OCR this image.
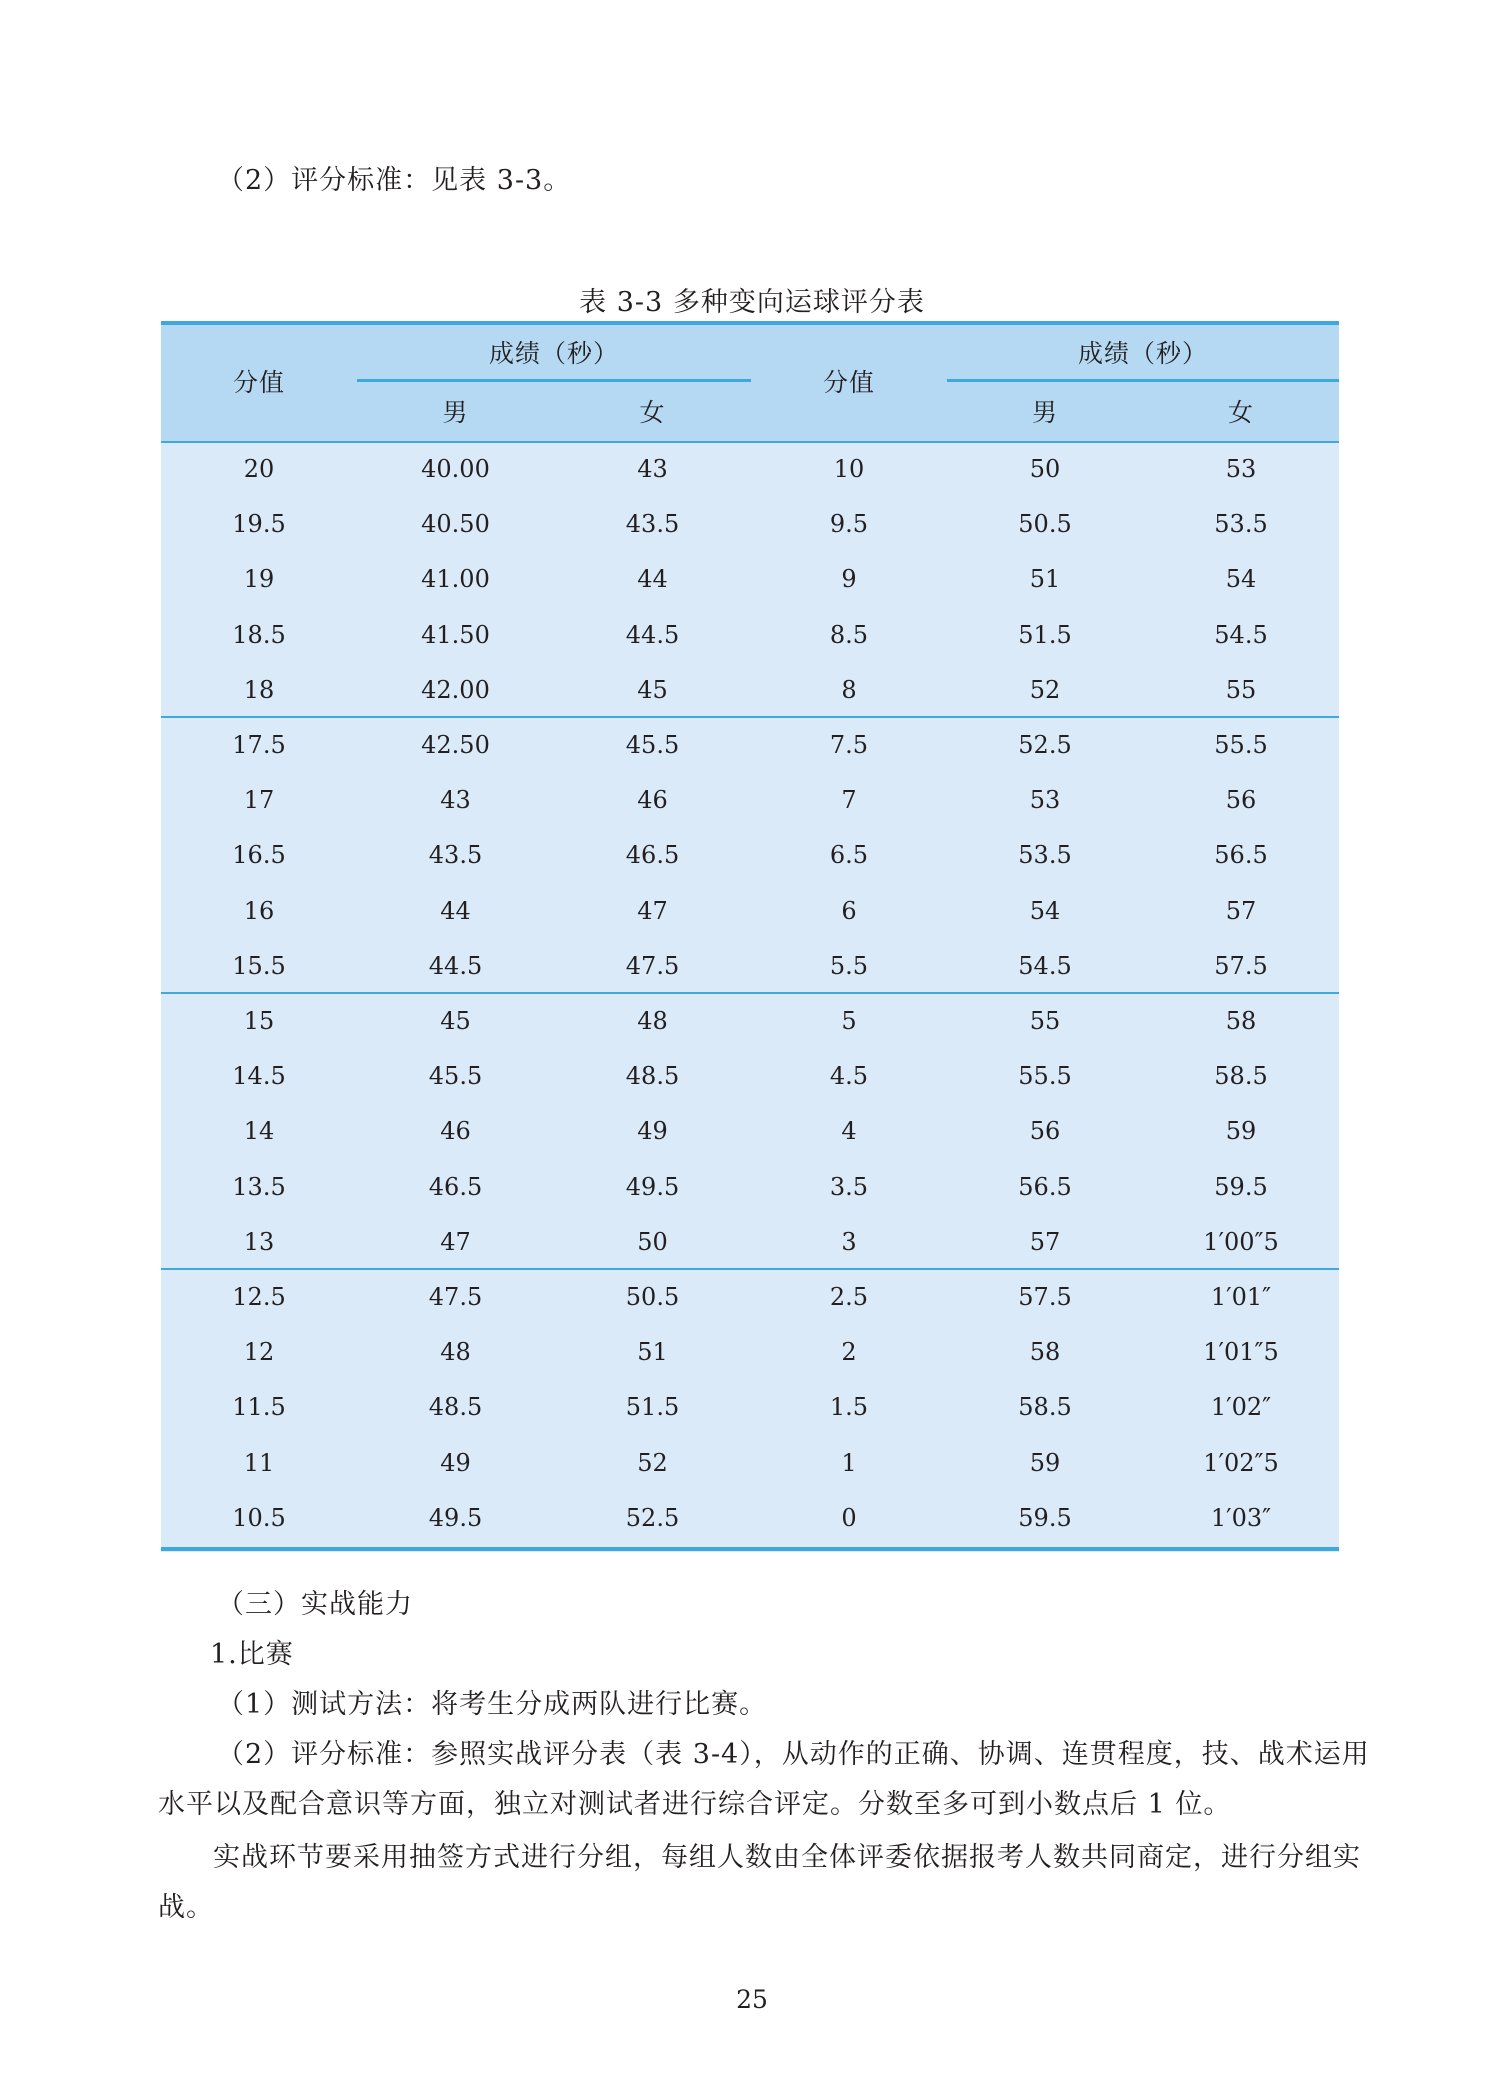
（2）评分标准：见表 3-3。
表 3-3 多种变向运球评分表
分值
成绩（秒）
男	女
分值
成绩（秒）
男	女
20	40.00	43	10	50	53
19.5	40.50	43.5	9.5	50.5	53.5
19	41.00	44	9	51	54
18.5	41.50	44.5	8.5	51.5	54.5
18	42.00	45	8	52	55
17.5	42.50	45.5	7.5	52.5	55.5
17	43	46	7	53	56
16.5	43.5	46.5	6.5	53.5	56.5
16	44	47	6	54	57
15.5	44.5	47.5	5.5	54.5	57.5
15	45	48	5	55	58
14.5	45.5	48.5	4.5	55.5	58.5
14	46	49	4	56	59
13.5	46.5	49.5	3.5	56.5	59.5
13	47	50	3	57	1′00″5
12.5	47.5	50.5	2.5	57.5	1′01″
12	48	51	2	58	1′01″5
11.5	48.5	51.5	1.5	58.5	1′02″
11	49	52	1	59	1′02″5
10.5	49.5	52.5	0	59.5	1′03″
（三）实战能力
1.比赛
（1）测试方法：将考生分成两队进行比赛。
（2）评分标准：参照实战评分表（表 3-4），从动作的正确、协调、连贯程度，技、战术运用
水平以及配合意识等方面，独立对测试者进行综合评定。分数至多可到小数点后 1 位。
实战环节要采用抽签方式进行分组，每组人数由全体评委依据报考人数共同商定，进行分组实
战。
25
